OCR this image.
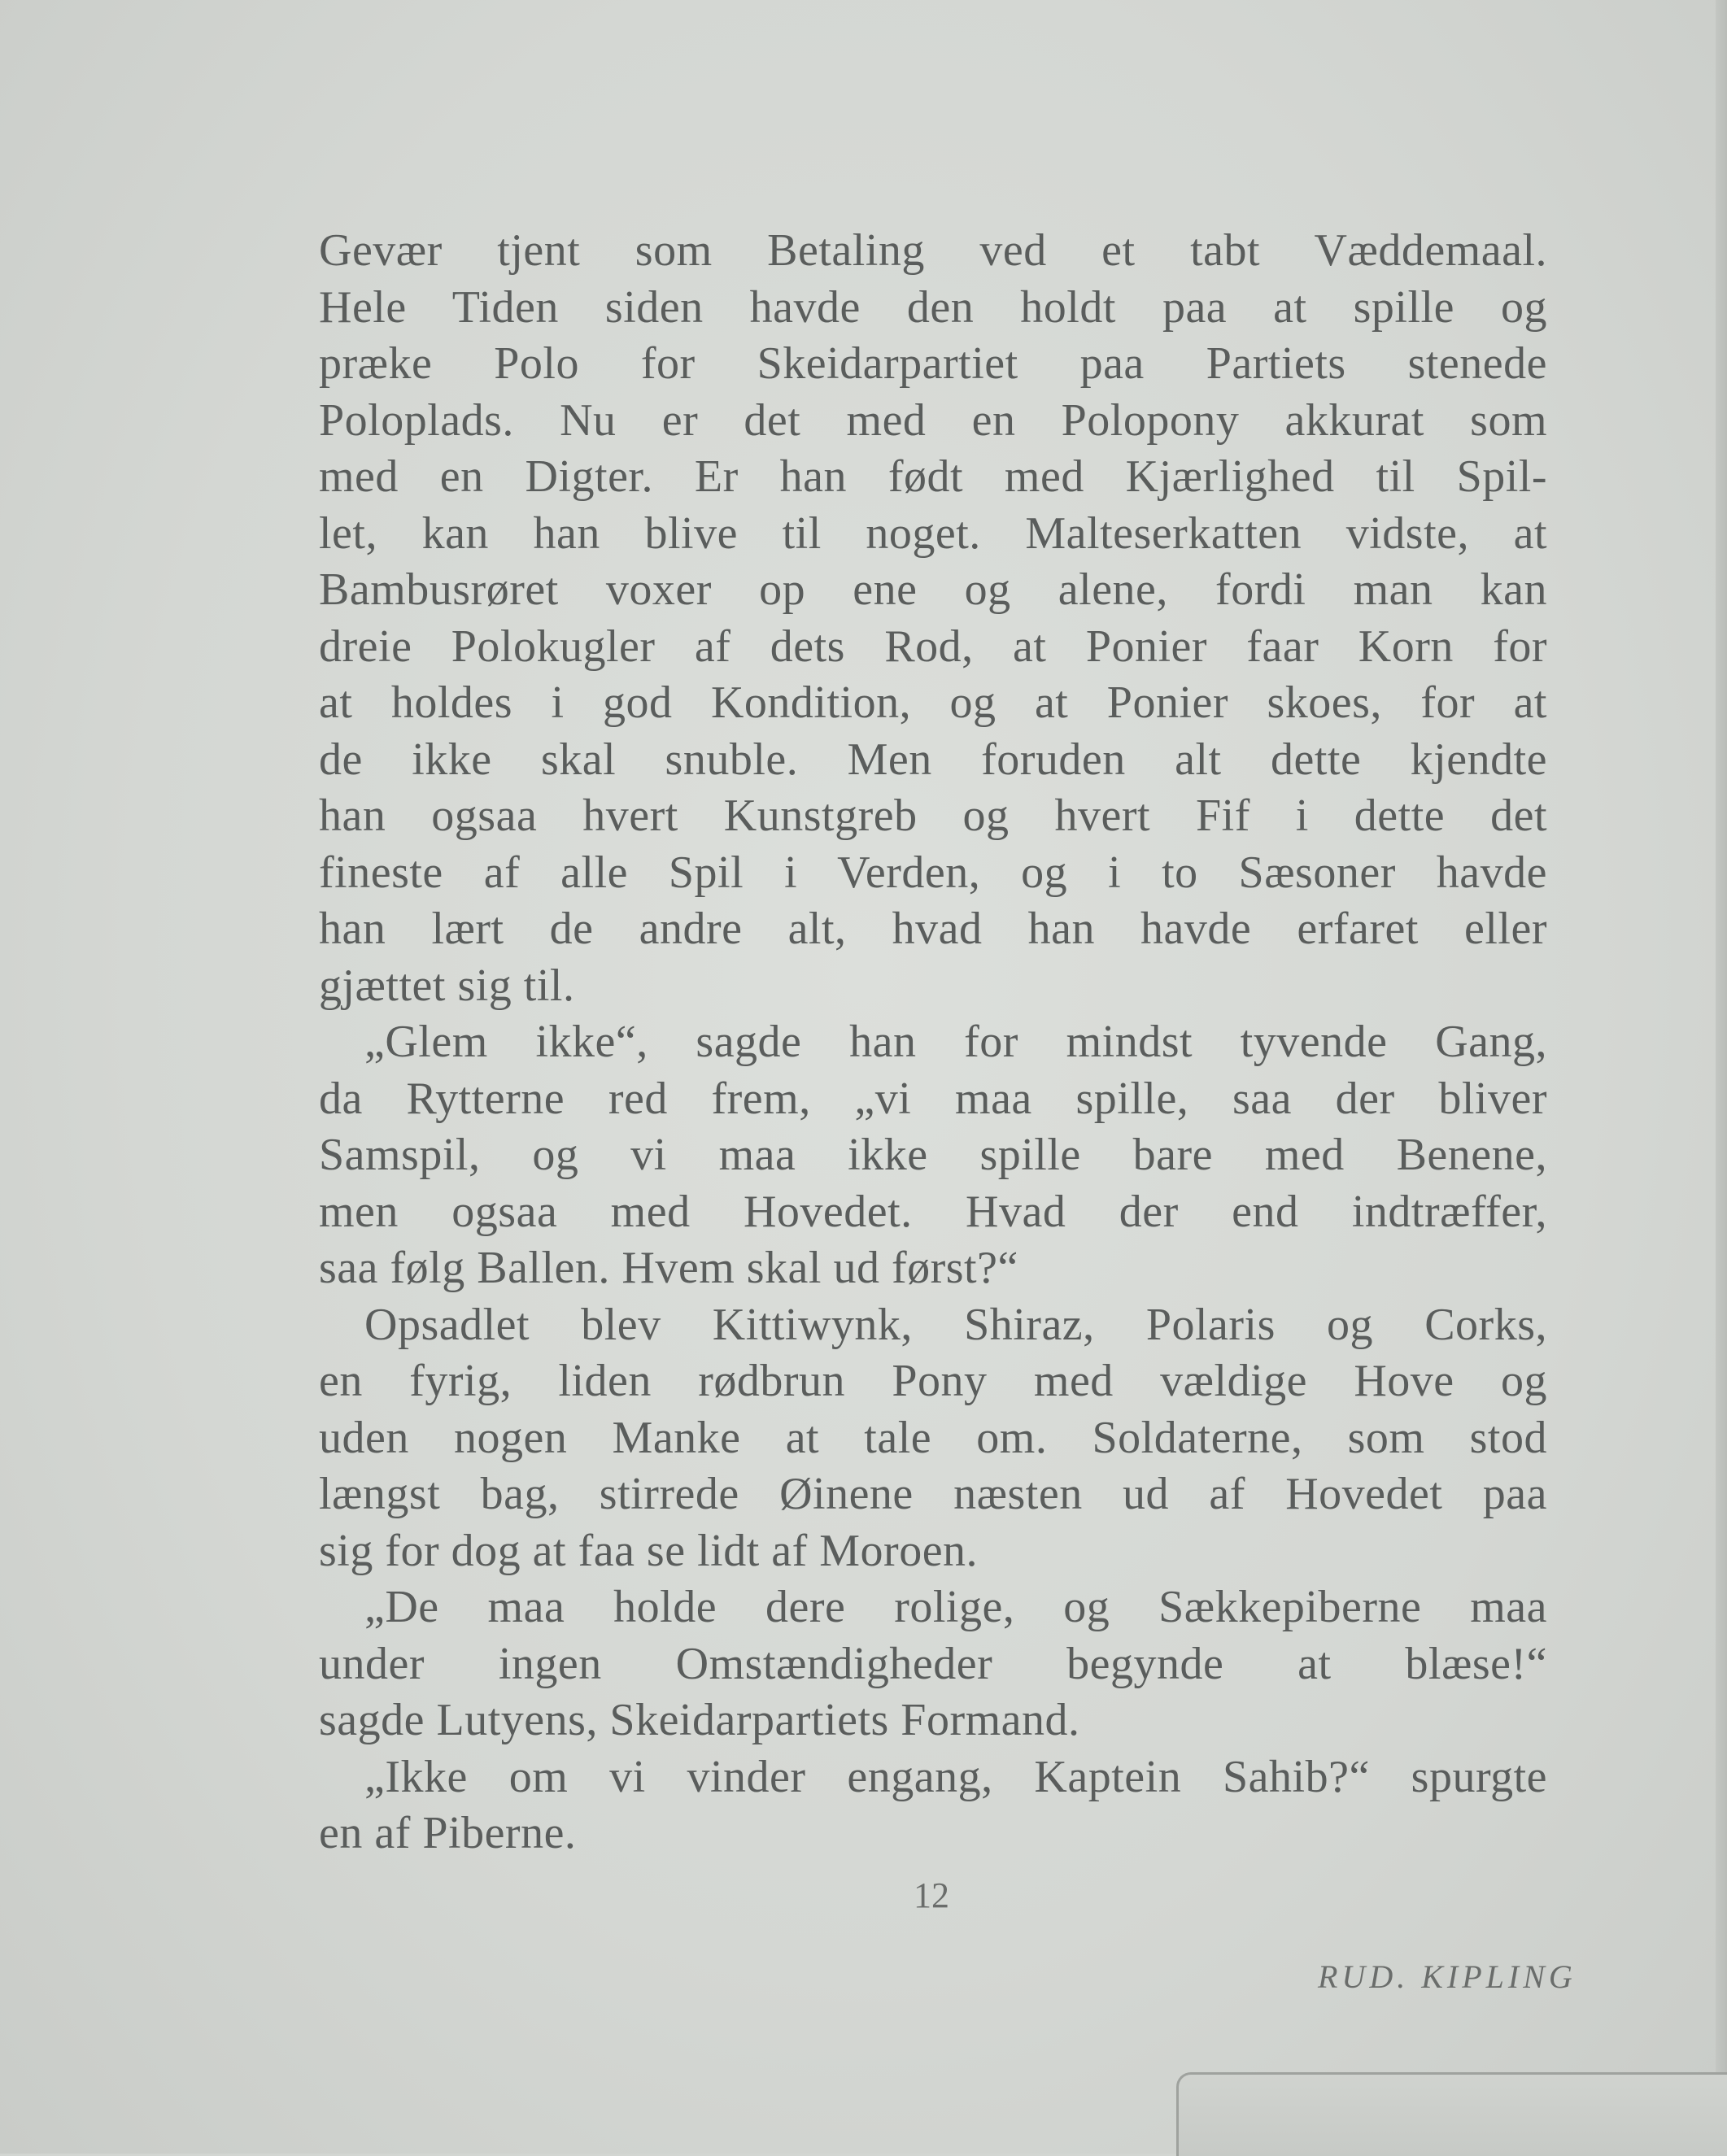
Gevær tjent som Betaling ved et tabt Væddemaal.
Hele Tiden siden havde den holdt paa at spille og
præke Polo for Skeidarpartiet paa Partiets stenede
Poloplads. Nu er det med en Polopony akkurat som
med en Digter. Er han født med Kjærlighed til Spil-
let, kan han blive til noget. Malteserkatten vidste, at
Bambusrøret voxer op ene og alene, fordi man kan
dreie Polokugler af dets Rod, at Ponier faar Korn for
at holdes i god Kondition, og at Ponier skoes, for at
de ikke skal snuble. Men foruden alt dette kjendte
han ogsaa hvert Kunstgreb og hvert Fif i dette det
fineste af alle Spil i Verden, og i to Sæsoner havde
han lært de andre alt, hvad han havde erfaret eller
gjættet sig til.
„Glem ikke“, sagde han for mindst tyvende Gang,
da Rytterne red frem, „vi maa spille, saa der bliver
Samspil, og vi maa ikke spille bare med Benene,
men ogsaa med Hovedet. Hvad der end indtræffer,
saa følg Ballen. Hvem skal ud først?“
Opsadlet blev Kittiwynk, Shiraz, Polaris og Corks,
en fyrig, liden rødbrun Pony med vældige Hove og
uden nogen Manke at tale om. Soldaterne, som stod
længst bag, stirrede Øinene næsten ud af Hovedet paa
sig for dog at faa se lidt af Moroen.
„De maa holde dere rolige, og Sækkepiberne maa
under ingen Omstændigheder begynde at blæse!“
sagde Lutyens, Skeidarpartiets Formand.
„Ikke om vi vinder engang, Kaptein Sahib?“ spurgte
en af Piberne.
12
RUD. KIPLING
